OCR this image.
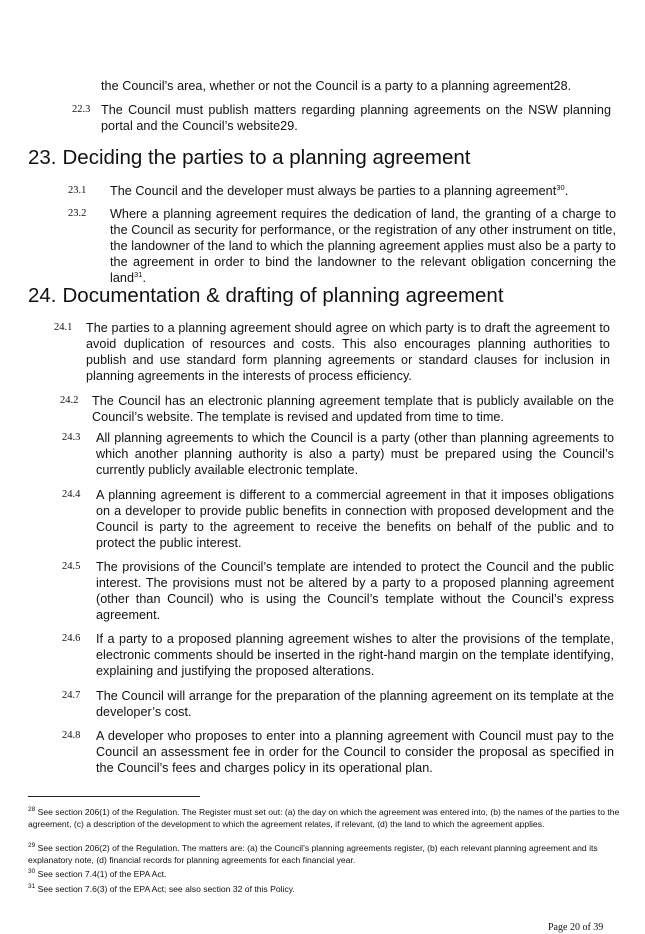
the Council’s area, whether or not the Council is a party to a planning agreement28.
22.3 The Council must publish matters regarding planning agreements on the NSW planning portal and the Council’s website29.
23. Deciding the parties to a planning agreement
23.1 The Council and the developer must always be parties to a planning agreement$^{30}$.
23.2 Where a planning agreement requires the dedication of land, the granting of a charge to the Council as security for performance, or the registration of any other instrument on title, the landowner of the land to which the planning agreement applies must also be a party to the agreement in order to bind the landowner to the relevant obligation concerning the land$^{31}$.
24. Documentation & drafting of planning agreement
24.1 The parties to a planning agreement should agree on which party is to draft the agreement to avoid duplication of resources and costs. This also encourages planning authorities to publish and use standard form planning agreements or standard clauses for inclusion in planning agreements in the interests of process efficiency.
24.2 The Council has an electronic planning agreement template that is publicly available on the Council’s website. The template is revised and updated from time to time.
24.3 All planning agreements to which the Council is a party (other than planning agreements to which another planning authority is also a party) must be prepared using the Council’s currently publicly available electronic template.
24.4 A planning agreement is different to a commercial agreement in that it imposes obligations on a developer to provide public benefits in connection with proposed development and the Council is party to the agreement to receive the benefits on behalf of the public and to protect the public interest.
24.5 The provisions of the Council’s template are intended to protect the Council and the public interest. The provisions must not be altered by a party to a proposed planning agreement (other than Council) who is using the Council’s template without the Council’s express agreement.
24.6 If a party to a proposed planning agreement wishes to alter the provisions of the template, electronic comments should be inserted in the right-hand margin on the template identifying, explaining and justifying the proposed alterations.
24.7 The Council will arrange for the preparation of the planning agreement on its template at the developer’s cost.
24.8 A developer who proposes to enter into a planning agreement with Council must pay to the Council an assessment fee in order for the Council to consider the proposal as specified in the Council’s fees and charges policy in its operational plan.
$^{28}$ See section 206(1) of the Regulation. The Register must set out: (a) the day on which the agreement was entered into, (b) the names of the parties to the agreement, (c) a description of the development to which the agreement relates, if relevant, (d) the land to which the agreement applies.
$^{29}$ See section 206(2) of the Regulation. The matters are: (a) the Council’s planning agreements register, (b) each relevant planning agreement and its explanatory note, (d) financial records for planning agreements for each financial year.
$^{30}$ See section 7.4(1) of the EPA Act.
$^{31}$ See section 7.6(3) of the EPA Act; see also section 32 of this Policy.
Page 20 of 39
